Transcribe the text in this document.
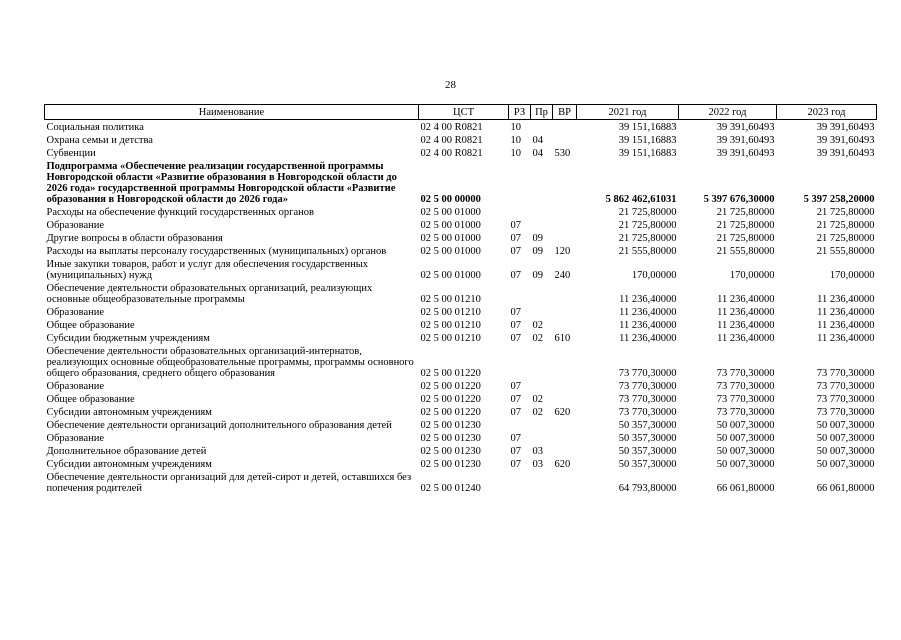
28
Наименование	ЦСТ	РЗ	Пр	ВР	2021 год	2022 год	2023 год
Социальная политика	02 4 00 R0821	10			39 151,16883	39 391,60493	39 391,60493
Охрана семьи и детства	02 4 00 R0821	10	04		39 151,16883	39 391,60493	39 391,60493
Субвенции	02 4 00 R0821	10	04	530	39 151,16883	39 391,60493	39 391,60493
Подпрограмма «Обеспечение реализации государственной программы Новгородской области «Развитие образования в Новгородской области до 2026 года» государственной программы Новгородской области «Развитие образования в Новгородской области до 2026 года»	02 5 00 00000				5 862 462,61031	5 397 676,30000	5 397 258,20000
Расходы на обеспечение функций государственных органов	02 5 00 01000				21 725,80000	21 725,80000	21 725,80000
Образование	02 5 00 01000	07			21 725,80000	21 725,80000	21 725,80000
Другие вопросы в области образования	02 5 00 01000	07	09		21 725,80000	21 725,80000	21 725,80000
Расходы на выплаты персоналу государственных (муниципальных) органов	02 5 00 01000	07	09	120	21 555,80000	21 555,80000	21 555,80000
Иные закупки товаров, работ и услуг для обеспечения государственных (муниципальных) нужд	02 5 00 01000	07	09	240	170,00000	170,00000	170,00000
Обеспечение деятельности образовательных организаций, реализующих основные общеобразовательные программы	02 5 00 01210				11 236,40000	11 236,40000	11 236,40000
Образование	02 5 00 01210	07			11 236,40000	11 236,40000	11 236,40000
Общее образование	02 5 00 01210	07	02		11 236,40000	11 236,40000	11 236,40000
Субсидии бюджетным учреждениям	02 5 00 01210	07	02	610	11 236,40000	11 236,40000	11 236,40000
Обеспечение деятельности образовательных организаций-интернатов, реализующих основные общеобразовательные программы, программы основного общего образования, среднего общего образования	02 5 00 01220				73 770,30000	73 770,30000	73 770,30000
Образование	02 5 00 01220	07			73 770,30000	73 770,30000	73 770,30000
Общее образование	02 5 00 01220	07	02		73 770,30000	73 770,30000	73 770,30000
Субсидии автономным учреждениям	02 5 00 01220	07	02	620	73 770,30000	73 770,30000	73 770,30000
Обеспечение деятельности организаций дополнительного образования детей	02 5 00 01230				50 357,30000	50 007,30000	50 007,30000
Образование	02 5 00 01230	07			50 357,30000	50 007,30000	50 007,30000
Дополнительное образование детей	02 5 00 01230	07	03		50 357,30000	50 007,30000	50 007,30000
Субсидии автономным учреждениям	02 5 00 01230	07	03	620	50 357,30000	50 007,30000	50 007,30000
Обеспечение деятельности организаций для детей-сирот и детей, оставшихся без попечения родителей	02 5 00 01240				64 793,80000	66 061,80000	66 061,80000
